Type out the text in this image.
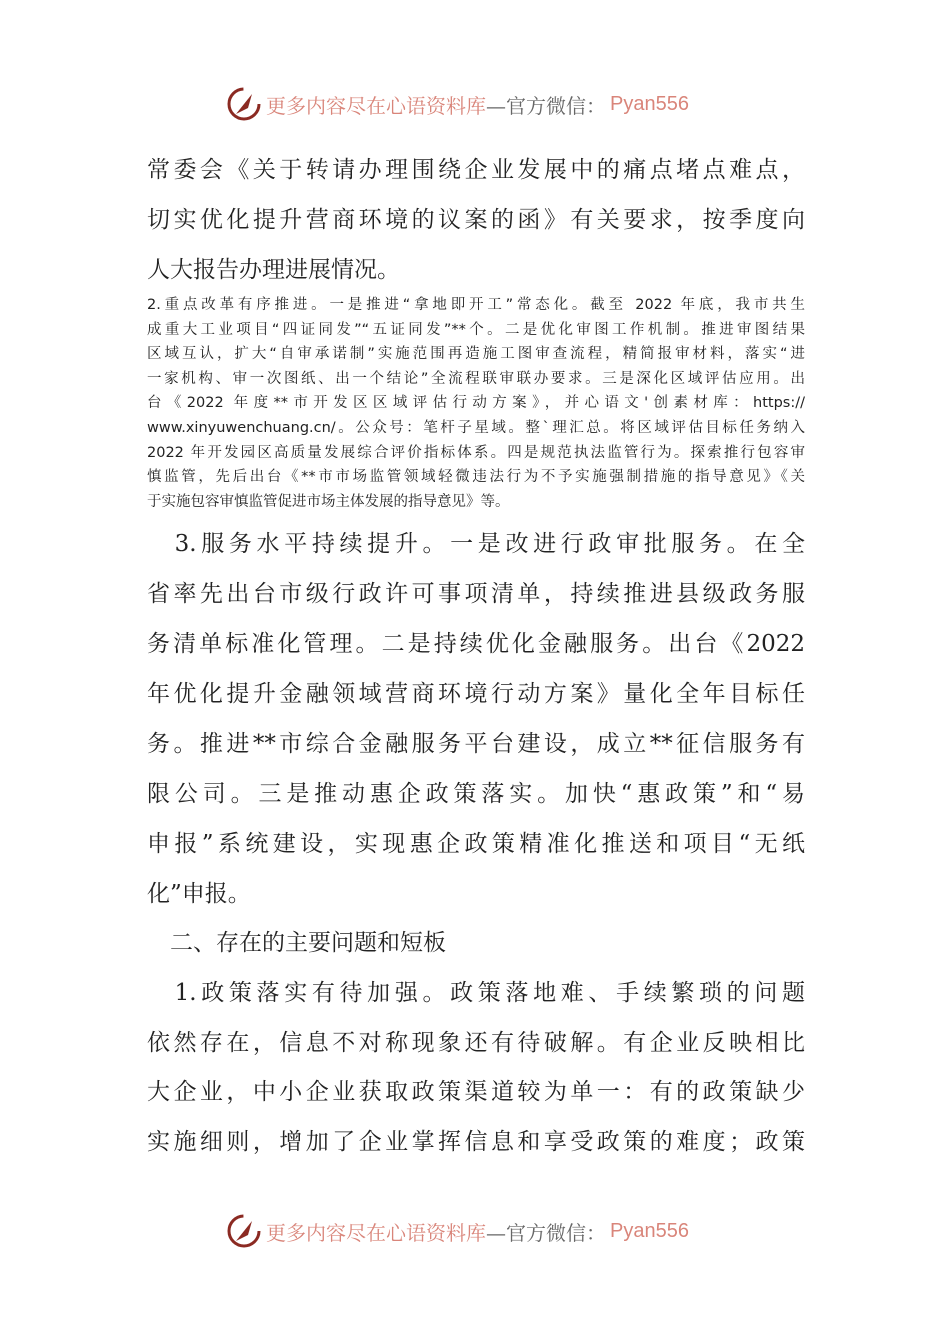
更多内容尽在心语资料库 —官方微信： Pyan556
常委会《关于转请办理围绕企业发展中的痛点堵点难点，
切实优化提升营商环境的议案的函》有关要求，按季度向
人大报告办理进展情况。
2.重点改革有序推进。一是推进“拿地即开工”常态化。截至 2022 年底，我市共生
成重大工业项目“四证同发”“五证同发”**个。二是优化审图工作机制。推进审图结果
区域互认，扩大“自审承诺制”实施范围再造施工图审查流程，精简报审材料，落实“进
一家机构、审一次图纸、出一个结论”全流程联审联办要求。三是深化区域评估应用。出
台《2022 年度**市开发区区域评估行动方案》，并心语文'创素材库：https://
www.xinyuwenchuang.cn/。公众号：笔杆子星域。整`理汇总。将区域评估目标任务纳入
2022 年开发园区高质量发展综合评价指标体系。四是规范执法监管行为。探索推行包容审
慎监管，先后出台《**市市场监管领域轻微违法行为不予实施强制措施的指导意见》《关
于实施包容审慎监管促进市场主体发展的指导意见》等。
　3.服务水平持续提升。一是改进行政审批服务。在全
省率先出台市级行政许可事项清单，持续推进县级政务服
务清单标准化管理。二是持续优化金融服务。出台《2022
年优化提升金融领域营商环境行动方案》量化全年目标任
务。推进**市综合金融服务平台建设，成立**征信服务有
限公司。三是推动惠企政策落实。加快“惠政策”和“易
申报”系统建设，实现惠企政策精准化推送和项目“无纸
化”申报。
　二、存在的主要问题和短板
　1.政策落实有待加强。政策落地难、手续繁琐的问题
依然存在，信息不对称现象还有待破解。有企业反映相比
大企业，中小企业获取政策渠道较为单一：有的政策缺少
实施细则，增加了企业掌挥信息和享受政策的难度；政策
更多内容尽在心语资料库 —官方微信： Pyan556
